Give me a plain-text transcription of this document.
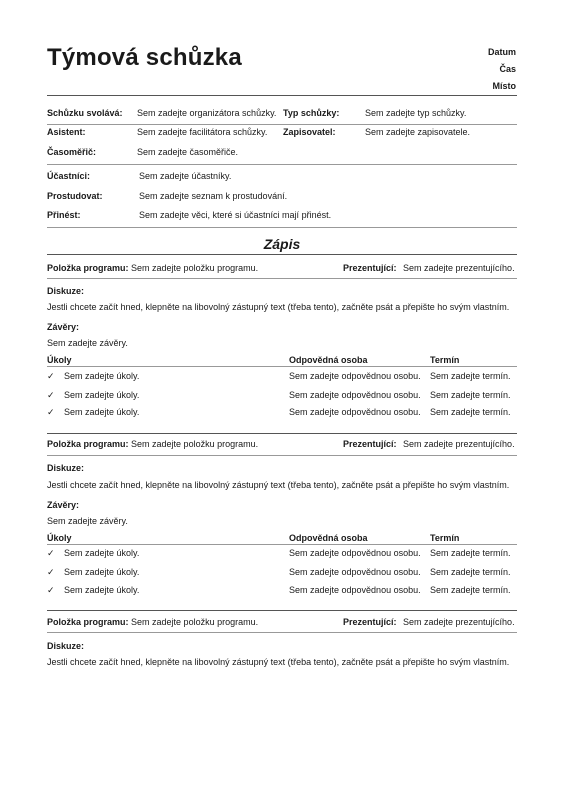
Týmová schůzka	Datum
Čas
Místo
Schůzku svolává: Sem zadejte organizátora schůzky. Typ schůzky:	Sem zadejte typ schůzky.
Asistent:	Sem zadejte facilitátora schůzky. Zapisovatel:	Sem zadejte zapisovatele.
Časoměřič:	Sem zadejte časoměřiče.
Účastníci:	Sem zadejte účastníky.
Prostudovat:	Sem zadejte seznam k prostudování.
Přinést:	Sem zadejte věci, které si účastníci mají přinést.
Zápis
Položka programu: Sem zadejte položku programu.	Prezentující: Sem zadejte prezentujícího.
Diskuze:
Jestli chcete začít hned, klepněte na libovolný zástupný text (třeba tento), začněte psát a přepište ho svým vlastním.
Závěry:
Sem zadejte závěry.
Úkoly	Odpovědná osoba	Termín
✓ Sem zadejte úkoly.	Sem zadejte odpovědnou osobu. Sem zadejte termín.
✓ Sem zadejte úkoly.	Sem zadejte odpovědnou osobu. Sem zadejte termín.
✓ Sem zadejte úkoly.	Sem zadejte odpovědnou osobu. Sem zadejte termín.
Položka programu: Sem zadejte položku programu.	Prezentující: Sem zadejte prezentujícího.
Diskuze:
Jestli chcete začít hned, klepněte na libovolný zástupný text (třeba tento), začněte psát a přepište ho svým vlastním.
Závěry:
Sem zadejte závěry.
Úkoly	Odpovědná osoba	Termín
✓ Sem zadejte úkoly.	Sem zadejte odpovědnou osobu. Sem zadejte termín.
✓ Sem zadejte úkoly.	Sem zadejte odpovědnou osobu. Sem zadejte termín.
✓ Sem zadejte úkoly.	Sem zadejte odpovědnou osobu. Sem zadejte termín.
Položka programu: Sem zadejte položku programu.	Prezentující: Sem zadejte prezentujícího.
Diskuze:
Jestli chcete začít hned, klepněte na libovolný zástupný text (třeba tento), začněte psát a přepište ho svým vlastním.
